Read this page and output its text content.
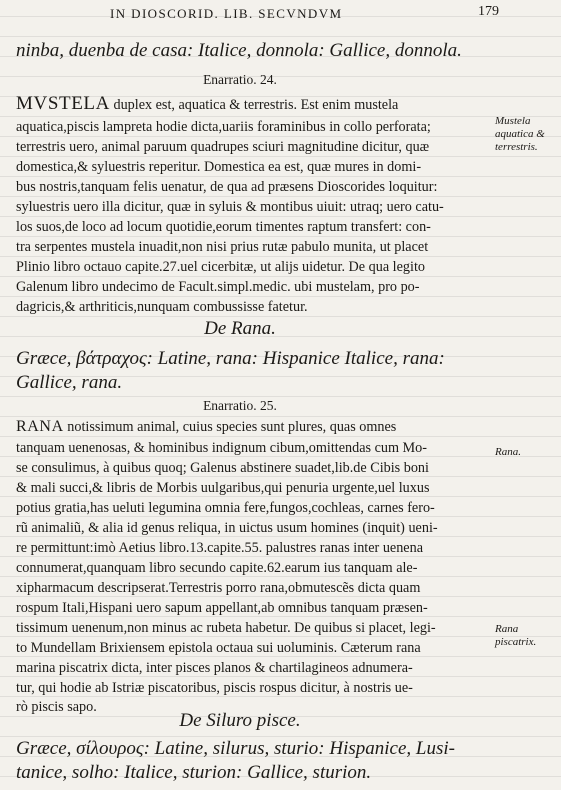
IN DIOSCORID. LIB. SECVNDVM	179
ninba, duenba de casa: Italice, donnola: Gallice, donnola.
Enarratio. 24.
MVSTELA duplex est, aquatica & terrestris. Est enim mustela
aquatica,piscis lampreta hodie dicta,uariis foraminibus in collo perforata;
terrestris uero, animal paruum quadrupes sciuri magnitudine dicitur, quæ
domestica,& syluestris reperitur. Domestica ea est, quæ mures in domi-
bus nostris,tanquam felis uenatur, de qua ad præsens Dioscorides loquitur:
syluestris uero illa dicitur, quæ in syluis & montibus uiuit: utraq; uero catu-
los suos,de loco ad locum quotidie,eorum timentes raptum transfert: con-
tra serpentes mustela inuadit,non nisi prius rutæ pabulo munita, ut placet
Plinio libro octauo capite.27.uel cicerbitæ, ut alijs uidetur. De qua legito
Galenum libro undecimo de Facult.simpl.medic. ubi mustelam, pro po-
dagricis,& arthriticis,nunquam combussisse fatetur.
Mustela aquatica & terrestris.
De Rana.
Græce, βάτραχος: Latine, rana: Hispanice Italice, rana:
Gallice, rana.
Enarratio. 25.
RANA notissimum animal, cuius species sunt plures, quas omnes
tanquam uenenosas, & hominibus indignum cibum,omittendas cum Mo-
se consulimus, à quibus quoq; Galenus abstinere suadet,lib.de Cibis boni
& mali succi,& libris de Morbis uulgaribus,qui penuria urgente,uel luxus
potius gratia,has ueluti legumina omnia fere,fungos,cochleas, carnes fero-
rũ animaliũ, & alia id genus reliqua, in uictus usum homines (inquit) ueni-
re permittunt:imò Aetius libro.13.capite.55. palustres ranas inter uenena
connumerat,quanquam libro secundo capite.62.earum ius tanquam ale-
xipharmacum descripserat.Terrestris porro rana,obmutescẽs dicta quam
rospum Itali,Hispani uero sapum appellant,ab omnibus tanquam præsen-
tissimum uenenum,non minus ac rubeta habetur. De quibus si placet, legi-
to Mundellam Brixiensem epistola octaua sui uoluminis. Cæterum rana
marina piscatrix dicta, inter pisces planos & chartilagineos adnumera-
tur, qui hodie ab Istriæ piscatoribus, piscis rospus dicitur, à nostris ue-
rò piscis sapo.
Rana.
Rana piscatrix.
De Siluro pisce.
Græce, σίλουρος: Latine, silurus, sturio: Hispanice, Lusi-
tanice, solho: Italice, sturion: Gallice, sturion.
